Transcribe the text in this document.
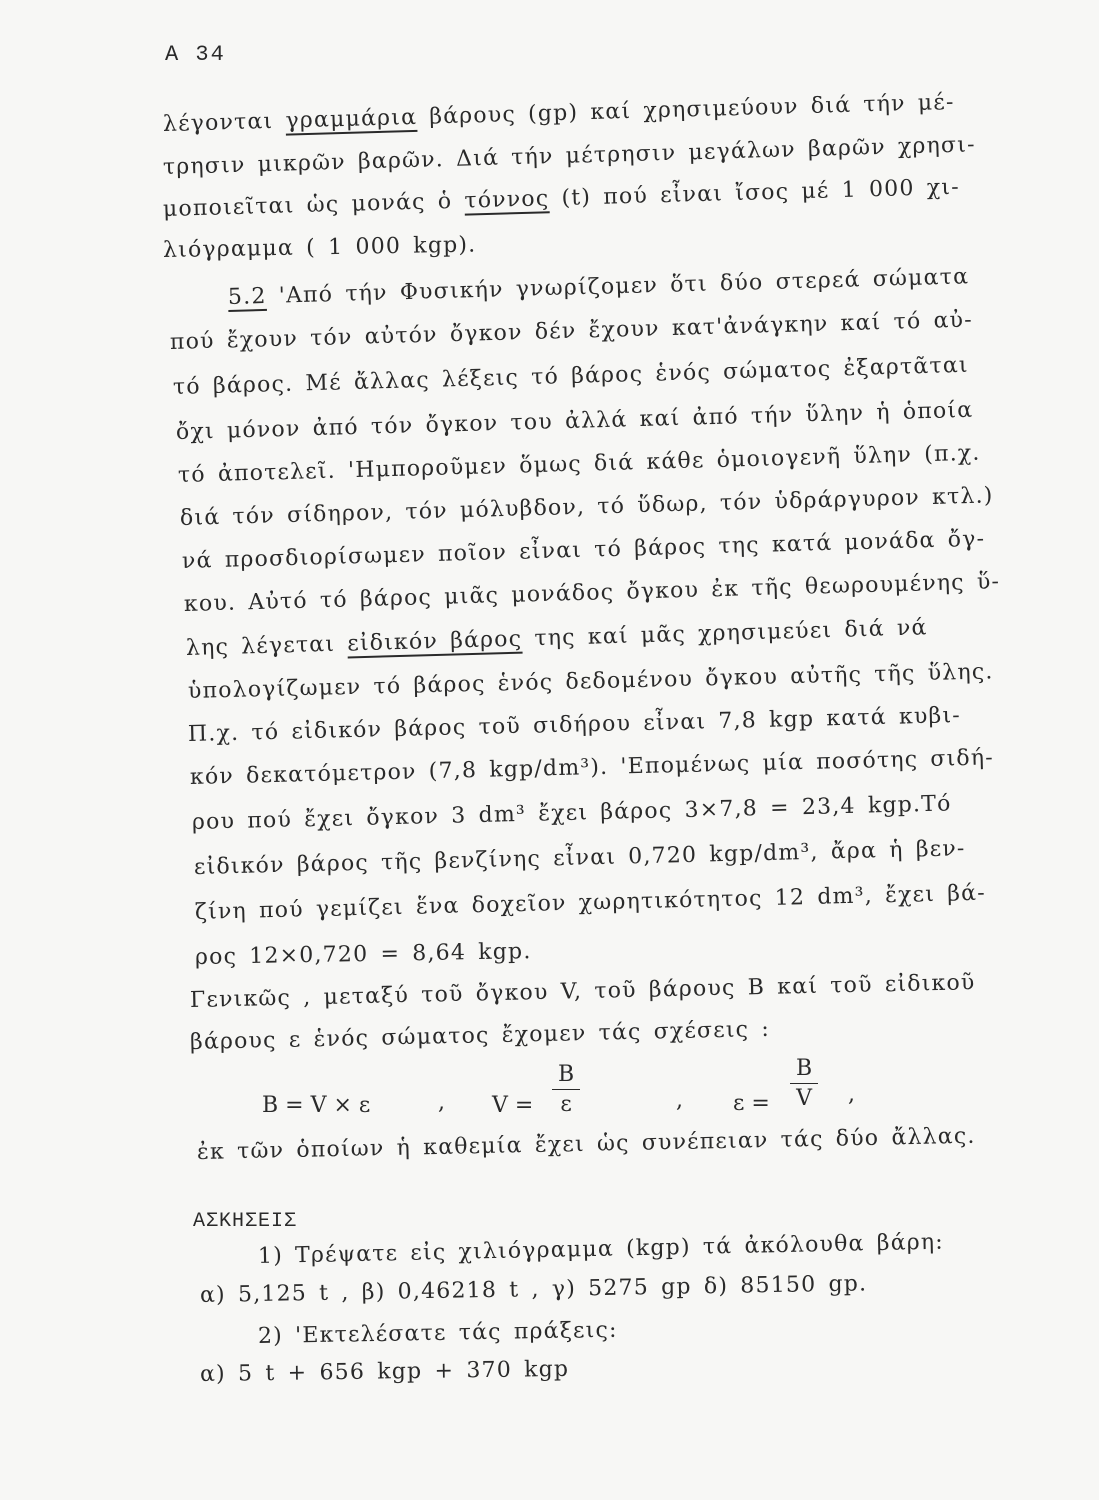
A 34
λέγονται γραμμάρια βάρους (gp) καί χρησιμεύουν διά τήν μέ-
τρησιν μικρῶν βαρῶν. Διά τήν μέτρησιν μεγάλων βαρῶν χρησι-
μοποιεῖται ὡς μονάς ὁ τόννος (t) πού εἶναι ἴσος μέ 1 000 χι-
λιόγραμμα ( 1 000 kgp).
5.2 'Από τήν Φυσικήν γνωρίζομεν ὅτι δύο στερεά σώματα
πού ἔχουν τόν αὐτόν ὄγκον δέν ἔχουν κατ'ἀνάγκην καί τό αὐ-
τό βάρος. Μέ ἄλλας λέξεις τό βάρος ἑνός σώματος ἐξαρτᾶται
ὄχι μόνον ἀπό τόν ὄγκον του ἀλλά καί ἀπό τήν ὕλην ἡ ὁποία
τό ἀποτελεῖ. 'Ημποροῦμεν ὅμως διά κάθε ὁμοιογενῆ ὕλην (π.χ.
διά τόν σίδηρον, τόν μόλυβδον, τό ὕδωρ, τόν ὑδράργυρον κτλ.)
νά προσδιορίσωμεν ποῖον εἶναι τό βάρος της κατά μονάδα ὄγ-
κου. Αὐτό τό βάρος μιᾶς μονάδος ὄγκου ἐκ τῆς θεωρουμένης ὕ-
λης λέγεται εἰδικόν βάρος της καί μᾶς χρησιμεύει διά νά
ὑπολογίζωμεν τό βάρος ἑνός δεδομένου ὄγκου αὐτῆς τῆς ὕλης.
Π.χ. τό εἰδικόν βάρος τοῦ σιδήρου εἶναι 7,8 kgp κατά κυβι-
κόν δεκατόμετρον (7,8 kgp/dm³). 'Επομένως μία ποσότης σιδή-
ρου πού ἔχει ὄγκον 3 dm³ ἔχει βάρος 3×7,8 = 23,4 kgp.Τό
εἰδικόν βάρος τῆς βενζίνης εἶναι 0,720 kgp/dm³, ἄρα ἡ βεν-
ζίνη πού γεμίζει ἕνα δοχεῖον χωρητικότητος 12 dm³, ἔχει βά-
ρος 12×0,720 = 8,64 kgp.
Γενικῶς , μεταξύ τοῦ ὄγκου V, τοῦ βάρους B καί τοῦ εἰδικοῦ
βάρους ε ἑνός σώματος ἔχομεν τάς σχέσεις :
B = V × ε	, $V = \frac{B}{\varepsilon}$	, $\varepsilon = \frac{B}{V}$ ,
ἐκ τῶν ὁποίων ἡ καθεμία ἔχει ὡς συνέπειαν τάς δύο ἄλλας.
ΑΣΚΗΣΕΙΣ
1) Τρέψατε εἰς χιλιόγραμμα (kgp) τά ἀκόλουθα βάρη:
α) 5,125 t , β) 0,46218 t , γ) 5275 gp δ) 85150 gp.
2) 'Εκτελέσατε τάς πράξεις:
α) 5 t + 656 kgp + 370 kgp
